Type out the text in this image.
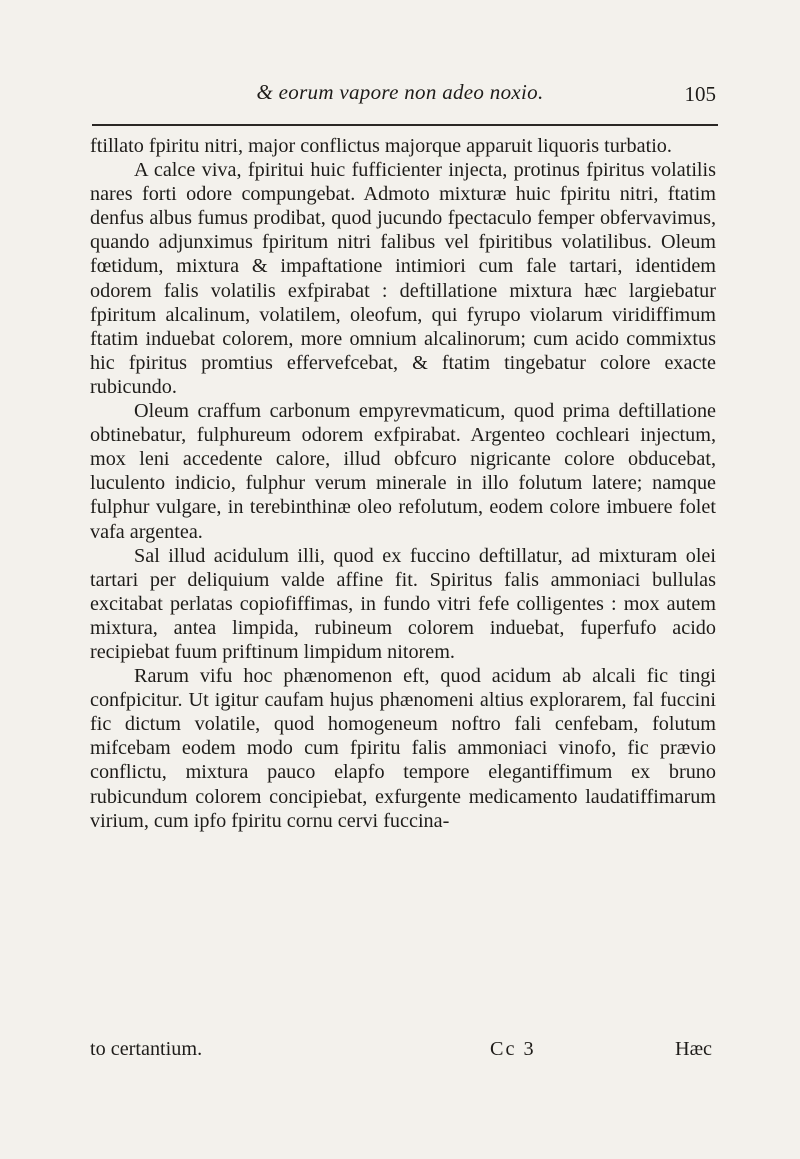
& eorum vapore non adeo noxio.	105

ftillato fpiritu nitri, major conflictus majorque apparuit liquoris turbatio.

A calce viva, fpiritui huic fufficienter injecta, protinus fpiritus volatilis nares forti odore compungebat. Admoto mixturæ huic fpiritu nitri, ftatim denfus albus fumus prodibat, quod jucundo fpectaculo femper obfervavimus, quando adjunximus fpiritum nitri falibus vel fpiritibus volatilibus. Oleum fœtidum, mixtura & impaftatione intimiori cum fale tartari, identidem odorem falis volatilis exfpirabat : deftillatione mixtura hæc largiebatur fpiritum alcalinum, volatilem, oleofum, qui fyrupo violarum viridiffimum ftatim induebat colorem, more omnium alcalinorum; cum acido commixtus hic fpiritus promtius effervefcebat, & ftatim tingebatur colore exacte rubicundo.

Oleum craffum carbonum empyrevmaticum, quod prima deftillatione obtinebatur, fulphureum odorem exfpirabat. Argenteo cochleari injectum, mox leni accedente calore, illud obfcuro nigricante colore obducebat, luculento indicio, fulphur verum minerale in illo folutum latere; namque fulphur vulgare, in terebinthinæ oleo refolutum, eodem colore imbuere folet vafa argentea.

Sal illud acidulum illi, quod ex fuccino deftillatur, ad mixturam olei tartari per deliquium valde affine fit. Spiritus falis ammoniaci bullulas excitabat perlatas copiofiffimas, in fundo vitri fefe colligentes : mox autem mixtura, antea limpida, rubineum colorem induebat, fuperfufo acido recipiebat fuum priftinum limpidum nitorem.

Rarum vifu hoc phænomenon eft, quod acidum ab alcali fic tingi confpicitur. Ut igitur caufam hujus phænomeni altius explorarem, fal fuccini fic dictum volatile, quod homogeneum noftro fali cenfebam, folutum mifcebam eodem modo cum fpiritu falis ammoniaci vinofo, fic prævio conflictu, mixtura pauco elapfo tempore elegantiffimum ex bruno rubicundum colorem concipiebat, exfurgente medicamento laudatiffimarum virium, cum ipfo fpiritu cornu cervi fuccina-

to certantium.	Cc 3	Hæc
